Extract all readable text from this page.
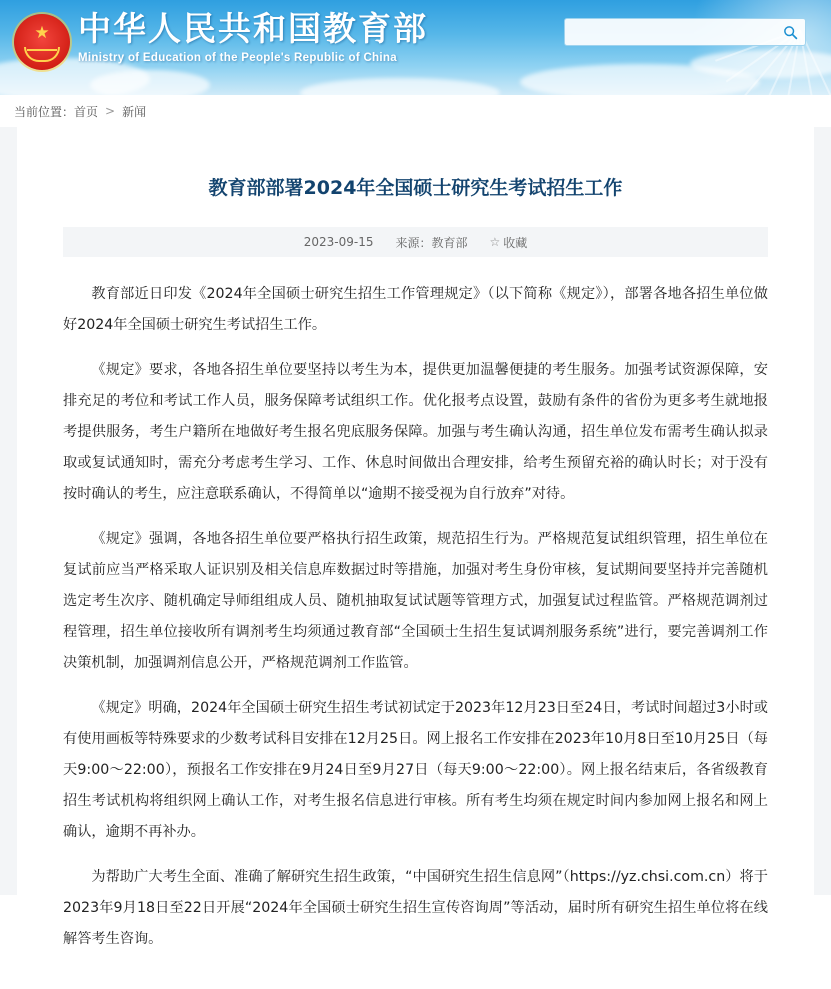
★ 中华人民共和国教育部
Ministry of Education of the People's Republic of China
当前位置： 首页 > 新闻
教育部部署2024年全国硕士研究生考试招生工作
2023-09-15 来源：教育部 ☆ 收藏

教育部近日印发《2024年全国硕士研究生招生工作管理规定》（以下简称《规定》），部署各地各招生单位做好2024年全国硕士研究生考试招生工作。

《规定》要求，各地各招生单位要坚持以考生为本，提供更加温馨便捷的考生服务。加强考试资源保障，安排充足的考位和考试工作人员，服务保障考试组织工作。优化报考点设置，鼓励有条件的省份为更多考生就地报考提供服务，考生户籍所在地做好考生报名兜底服务保障。加强与考生确认沟通，招生单位发布需考生确认拟录取或复试通知时，需充分考虑考生学习、工作、休息时间做出合理安排，给考生预留充裕的确认时长；对于没有按时确认的考生，应注意联系确认，不得简单以“逾期不接受视为自行放弃”对待。

《规定》强调，各地各招生单位要严格执行招生政策，规范招生行为。严格规范复试组织管理，招生单位在复试前应当严格采取人证识别及相关信息库数据过时等措施，加强对考生身份审核，复试期间要坚持并完善随机选定考生次序、随机确定导师组组成人员、随机抽取复试试题等管理方式，加强复试过程监管。严格规范调剂过程管理，招生单位接收所有调剂考生均须通过教育部“全国硕士生招生复试调剂服务系统”进行，要完善调剂工作决策机制，加强调剂信息公开，严格规范调剂工作监管。

《规定》明确，2024年全国硕士研究生招生考试初试定于2023年12月23日至24日，考试时间超过3小时或有使用画板等特殊要求的少数考试科目安排在12月25日。网上报名工作安排在2023年10月8日至10月25日（每天9:00～22:00），预报名工作安排在9月24日至9月27日（每天9:00～22:00）。网上报名结束后，各省级教育招生考试机构将组织网上确认工作，对考生报名信息进行审核。所有考生均须在规定时间内参加网上报名和网上确认，逾期不再补办。

为帮助广大考生全面、准确了解研究生招生政策，“中国研究生招生信息网”（https://yz.chsi.com.cn）将于2023年9月18日至22日开展“2024年全国硕士研究生招生宣传咨询周”等活动，届时所有研究生招生单位将在线解答考生咨询。
